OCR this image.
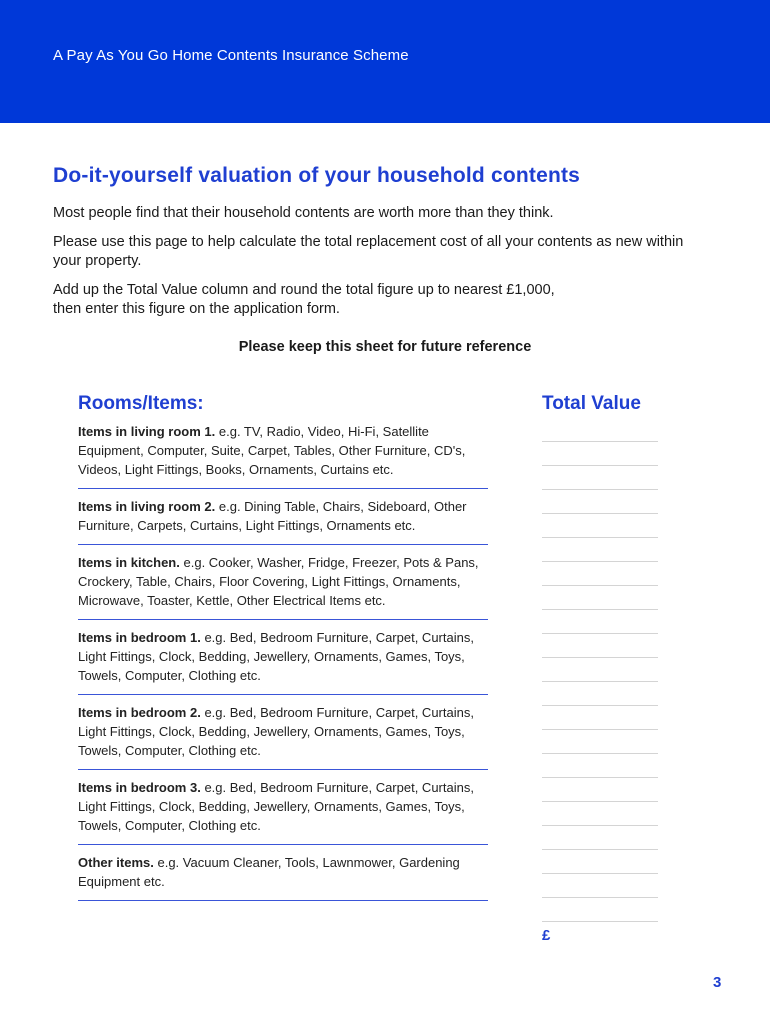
A Pay As You Go Home Contents Insurance Scheme
Do-it-yourself valuation of your household contents

Most people find that their household contents are worth more than they think.

Please use this page to help calculate the total replacement cost of all your contents as new within your property.

Add up the Total Value column and round the total figure up to nearest £1,000,
then enter this figure on the application form.

Please keep this sheet for future reference
Rooms/Items:	Total Value
Items in living room 1. e.g. TV, Radio, Video, Hi-Fi, Satellite Equipment, Computer, Suite, Carpet, Tables, Other Furniture, CD's, Videos, Light Fittings, Books, Ornaments, Curtains etc.
Items in living room 2. e.g. Dining Table, Chairs, Sideboard, Other Furniture, Carpets, Curtains, Light Fittings, Ornaments etc.
Items in kitchen. e.g. Cooker, Washer, Fridge, Freezer, Pots & Pans, Crockery, Table, Chairs, Floor Covering, Light Fittings, Ornaments, Microwave, Toaster, Kettle, Other Electrical Items etc.
Items in bedroom 1. e.g. Bed, Bedroom Furniture, Carpet, Curtains, Light Fittings, Clock, Bedding, Jewellery, Ornaments, Games, Toys, Towels, Computer, Clothing etc.
Items in bedroom 2. e.g. Bed, Bedroom Furniture, Carpet, Curtains, Light Fittings, Clock, Bedding, Jewellery, Ornaments, Games, Toys, Towels, Computer, Clothing etc.
Items in bedroom 3. e.g. Bed, Bedroom Furniture, Carpet, Curtains, Light Fittings, Clock, Bedding, Jewellery, Ornaments, Games, Toys, Towels, Computer, Clothing etc.
Other items. e.g. Vacuum Cleaner, Tools, Lawnmower, Gardening Equipment etc.
£
3
